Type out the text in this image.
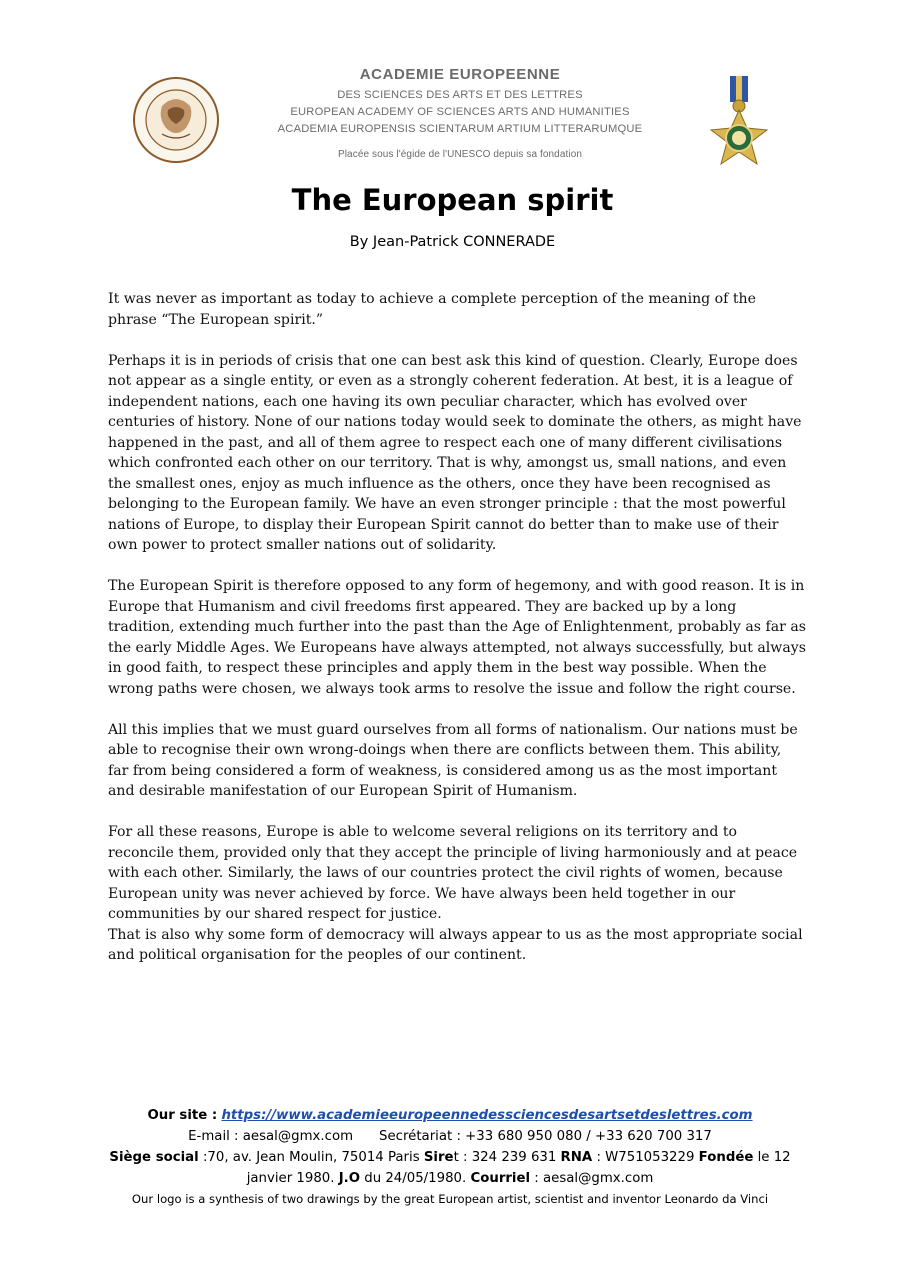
ACADEMIE EUROPEENNE
DES SCIENCES DES ARTS ET DES LETTRES
EUROPEAN ACADEMY OF SCIENCES ARTS AND HUMANITIES
ACADEMIA EUROPENSIS SCIENTARUM ARTIUM LITTERARUMQUE
Placée sous l'égide de l'UNESCO depuis sa fondation
The European spirit
By Jean-Patrick CONNERADE

It was never as important as today to achieve a complete perception of the meaning of the phrase “The European spirit.”

Perhaps it is in periods of crisis that one can best ask this kind of question. Clearly, Europe does not appear as a single entity, or even as a strongly coherent federation. At best, it is a league of independent nations, each one having its own peculiar character, which has evolved over centuries of history. None of our nations today would seek to dominate the others, as might have happened in the past, and all of them agree to respect each one of many different civilisations which confronted each other on our territory. That is why, amongst us, small nations, and even the smallest ones, enjoy as much influence as the others, once they have been recognised as belonging to the European family. We have an even stronger principle : that the most powerful nations of Europe, to display their European Spirit cannot do better than to make use of their own power to protect smaller nations out of solidarity.

The European Spirit is therefore opposed to any form of hegemony, and with good reason. It is in Europe that Humanism and civil freedoms first appeared. They are backed up by a long tradition, extending much further into the past than the Age of Enlightenment, probably as far as the early Middle Ages. We Europeans have always attempted, not always successfully, but always in good faith, to respect these principles and apply them in the best way possible. When the wrong paths were chosen, we always took arms to resolve the issue and follow the right course.

All this implies that we must guard ourselves from all forms of nationalism. Our nations must be able to recognise their own wrong-doings when there are conflicts between them. This ability, far from being considered a form of weakness, is considered among us as the most important and desirable manifestation of our European Spirit of Humanism.

For all these reasons, Europe is able to welcome several religions on its territory and to reconcile them, provided only that they accept the principle of living harmoniously and at peace with each other. Similarly, the laws of our countries protect the civil rights of women, because European unity was never achieved by force. We have always been held together in our communities by our shared respect for justice.

That is also why some form of democracy will always appear to us as the most appropriate social and political organisation for the peoples of our continent.

Our site : https://www.academieeuropeennedessciencesdesartsetdeslettres.com
E-mail : aesal@gmx.com Secrétariat : +33 680 950 080 / +33 620 700 317
Siège social :70, av. Jean Moulin, 75014 Paris Siret : 324 239 631 RNA : W751053229 Fondée le 12 janvier 1980. J.O du 24/05/1980. Courriel : aesal@gmx.com
Our logo is a synthesis of two drawings by the great European artist, scientist and inventor Leonardo da Vinci
